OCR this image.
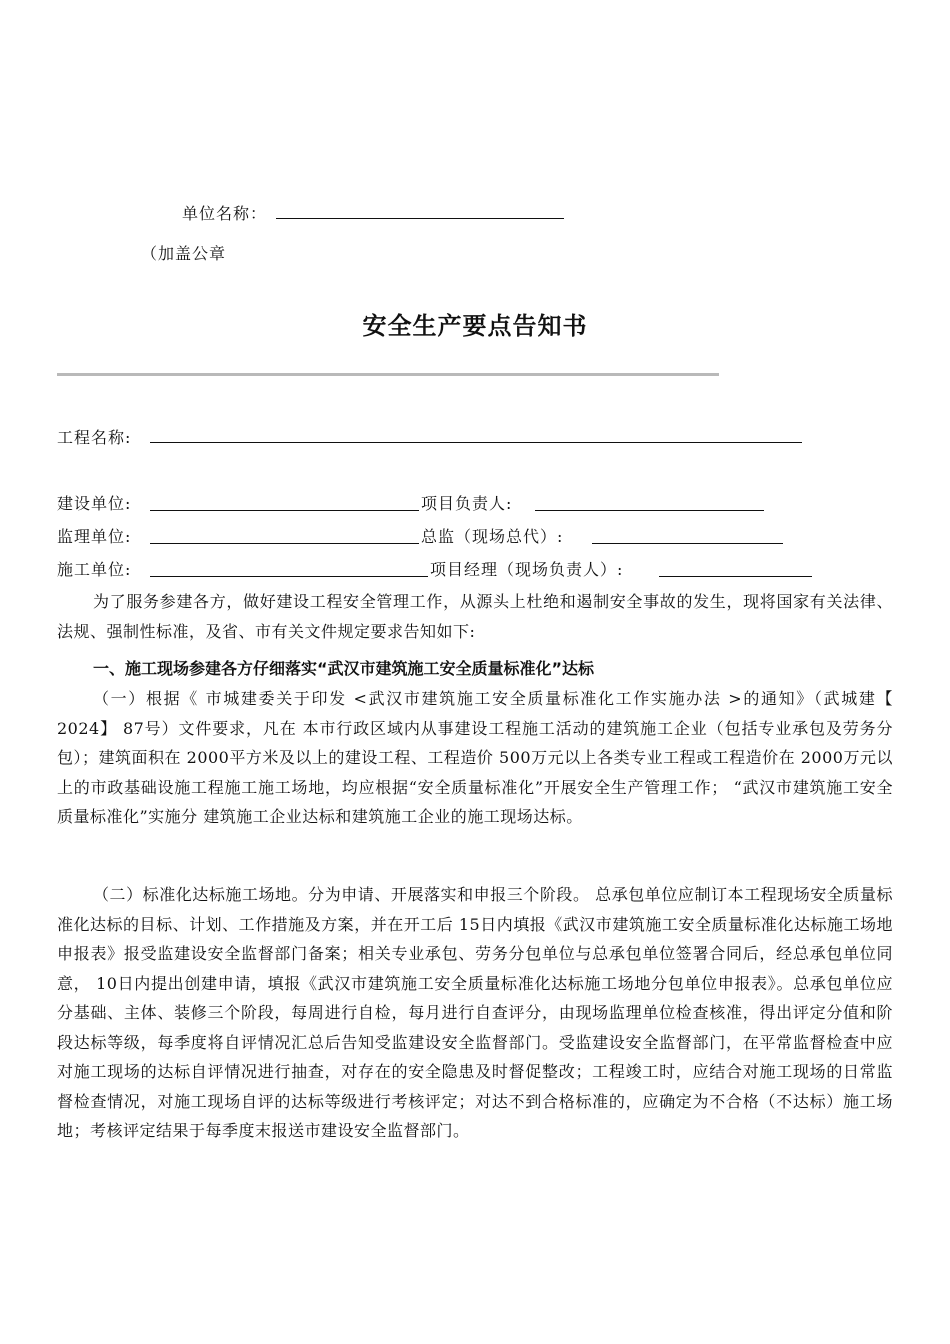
单位名称：
（加盖公章
安全生产要点告知书
工程名称:
建设单位:	项目负责人:
监理单位:	总监（现场总代）:
施工单位:	项目经理（现场负责人）:
为了服务参建各方，做好建设工程安全管理工作，从源头上杜绝和遏制安全事故的发生，现将国家有关法律、法规、强制性标准，及省、市有关文件规定要求告知如下:
一、施工现场参建各方仔细落实“武汉市建筑施工安全质量标准化”达标
（一）根据《 市城建委关于印发 <武汉市建筑施工安全质量标准化工作实施办法 >的通知》（武城建【 2024】 87号）文件要求，凡在 本市行政区域内从事建设工程施工活动的建筑施工企业（包括专业承包及劳务分包）；建筑面积在 2000平方米及以上的建设工程、工程造价 500万元以上各类专业工程或工程造价在 2000万元以上的市政基础设施工程施工施工场地，均应根据“安全质量标准化”开展安全生产管理工作； “武汉市建筑施工安全质量标准化”实施分 建筑施工企业达标和建筑施工企业的施工现场达标。
（二）标准化达标施工场地。分为申请、开展落实和申报三个阶段。 总承包单位应制订本工程现场安全质量标准化达标的目标、计划、工作措施及方案，并在开工后 15日内填报《武汉市建筑施工安全质量标准化达标施工场地申报表》报受监建设安全监督部门备案；相关专业承包、劳务分包单位与总承包单位签署合同后，经总承包单位同意， 10日内提出创建申请，填报《武汉市建筑施工安全质量标准化达标施工场地分包单位申报表》。总承包单位应分基础、主体、装修三个阶段，每周进行自检，每月进行自查评分，由现场监理单位检查核准，得出评定分值和阶段达标等级，每季度将自评情况汇总后告知受监建设安全监督部门。受监建设安全监督部门，在平常监督检查中应对施工现场的达标自评情况进行抽查，对存在的安全隐患及时督促整改；工程竣工时，应结合对施工现场的日常监督检查情况，对施工现场自评的达标等级进行考核评定；对达不到合格标准的，应确定为不合格（不达标）施工场地；考核评定结果于每季度末报送市建设安全监督部门。
